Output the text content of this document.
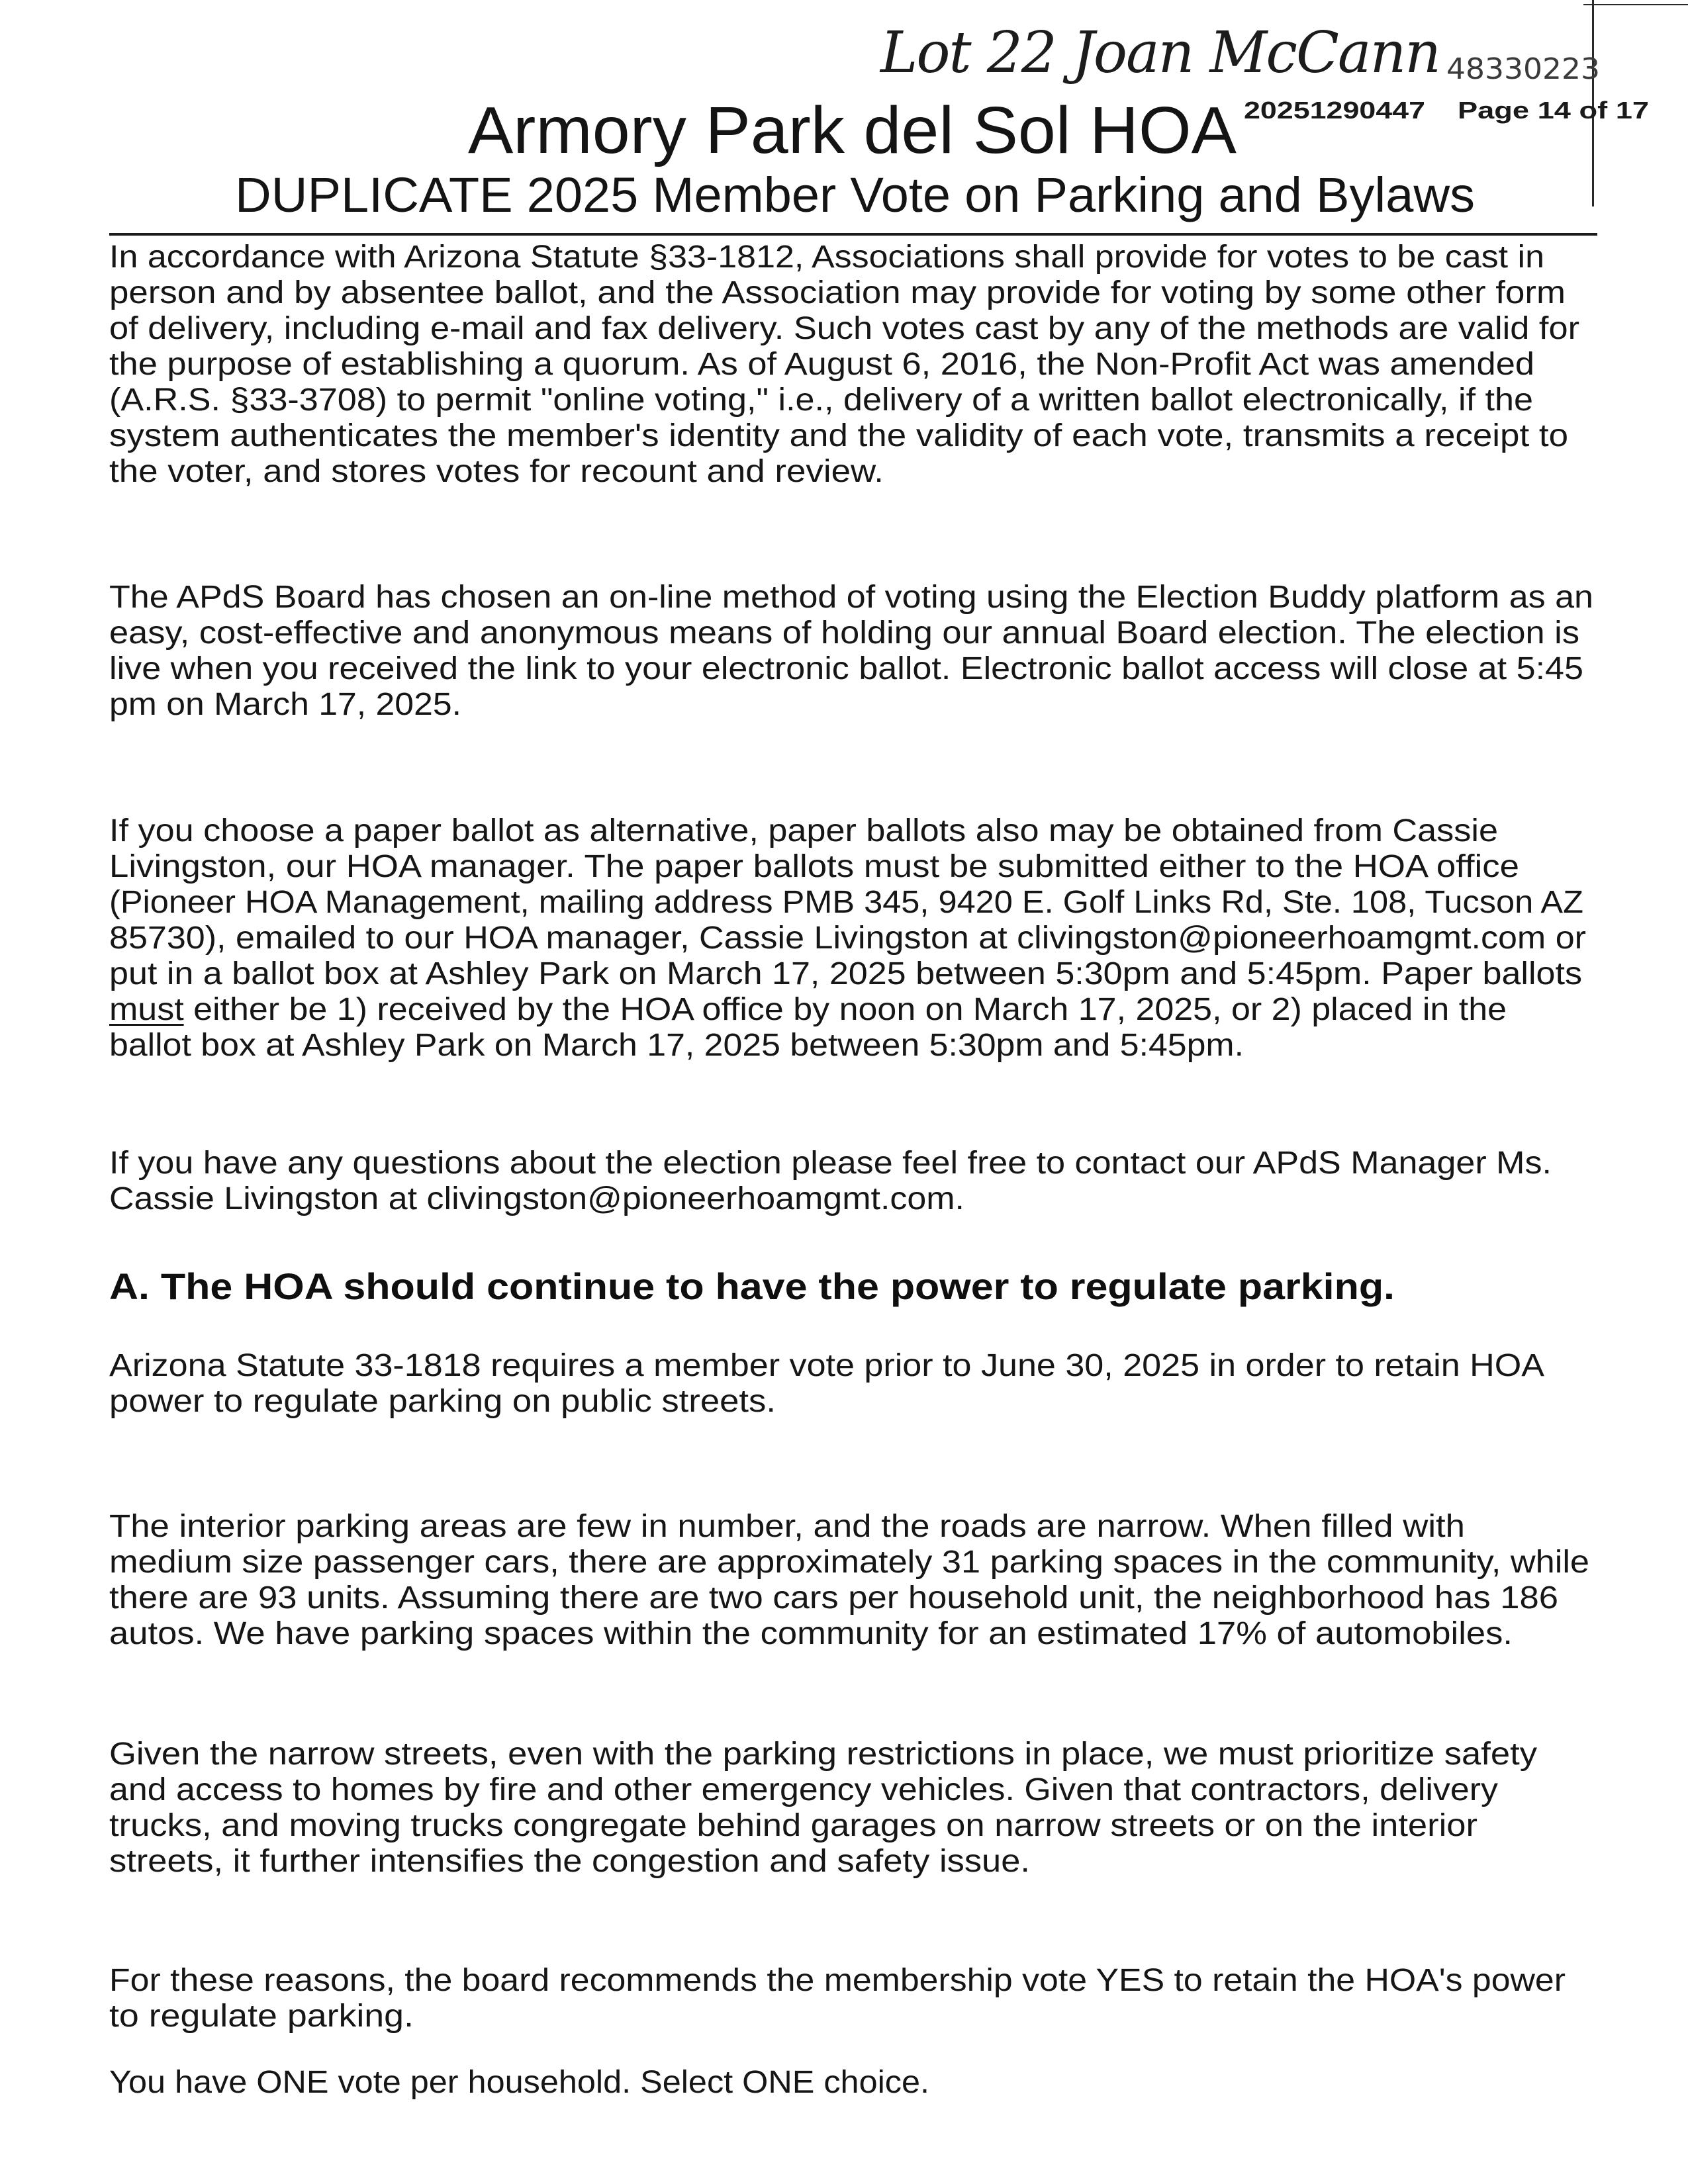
Lot 22 Joan McCann 48330223
20251290447 Page 14 of 17
Armory Park del Sol HOA
DUPLICATE 2025 Member Vote on Parking and Bylaws
In accordance with Arizona Statute §33-1812, Associations shall provide for votes to be cast in
person and by absentee ballot, and the Association may provide for voting by some other form
of delivery, including e-mail and fax delivery. Such votes cast by any of the methods are valid for
the purpose of establishing a quorum. As of August 6, 2016, the Non-Profit Act was amended
(A.R.S. §33-3708) to permit "online voting," i.e., delivery of a written ballot electronically, if the
system authenticates the member's identity and the validity of each vote, transmits a receipt to
the voter, and stores votes for recount and review.
The APdS Board has chosen an on-line method of voting using the Election Buddy platform as an
easy, cost-effective and anonymous means of holding our annual Board election. The election is
live when you received the link to your electronic ballot. Electronic ballot access will close at 5:45
pm on March 17, 2025.
If you choose a paper ballot as alternative, paper ballots also may be obtained from Cassie
Livingston, our HOA manager. The paper ballots must be submitted either to the HOA office
(Pioneer HOA Management, mailing address PMB 345, 9420 E. Golf Links Rd, Ste. 108, Tucson AZ
85730), emailed to our HOA manager, Cassie Livingston at clivingston@pioneerhoamgmt.com or
put in a ballot box at Ashley Park on March 17, 2025 between 5:30pm and 5:45pm. Paper ballots
must either be 1) received by the HOA office by noon on March 17, 2025, or 2) placed in the
ballot box at Ashley Park on March 17, 2025 between 5:30pm and 5:45pm.
If you have any questions about the election please feel free to contact our APdS Manager Ms.
Cassie Livingston at clivingston@pioneerhoamgmt.com.
A. The HOA should continue to have the power to regulate parking.
Arizona Statute 33-1818 requires a member vote prior to June 30, 2025 in order to retain HOA
power to regulate parking on public streets.
The interior parking areas are few in number, and the roads are narrow. When filled with
medium size passenger cars, there are approximately 31 parking spaces in the community, while
there are 93 units. Assuming there are two cars per household unit, the neighborhood has 186
autos. We have parking spaces within the community for an estimated 17% of automobiles.
Given the narrow streets, even with the parking restrictions in place, we must prioritize safety
and access to homes by fire and other emergency vehicles. Given that contractors, delivery
trucks, and moving trucks congregate behind garages on narrow streets or on the interior
streets, it further intensifies the congestion and safety issue.
For these reasons, the board recommends the membership vote YES to retain the HOA's power
to regulate parking.
You have ONE vote per household. Select ONE choice.
